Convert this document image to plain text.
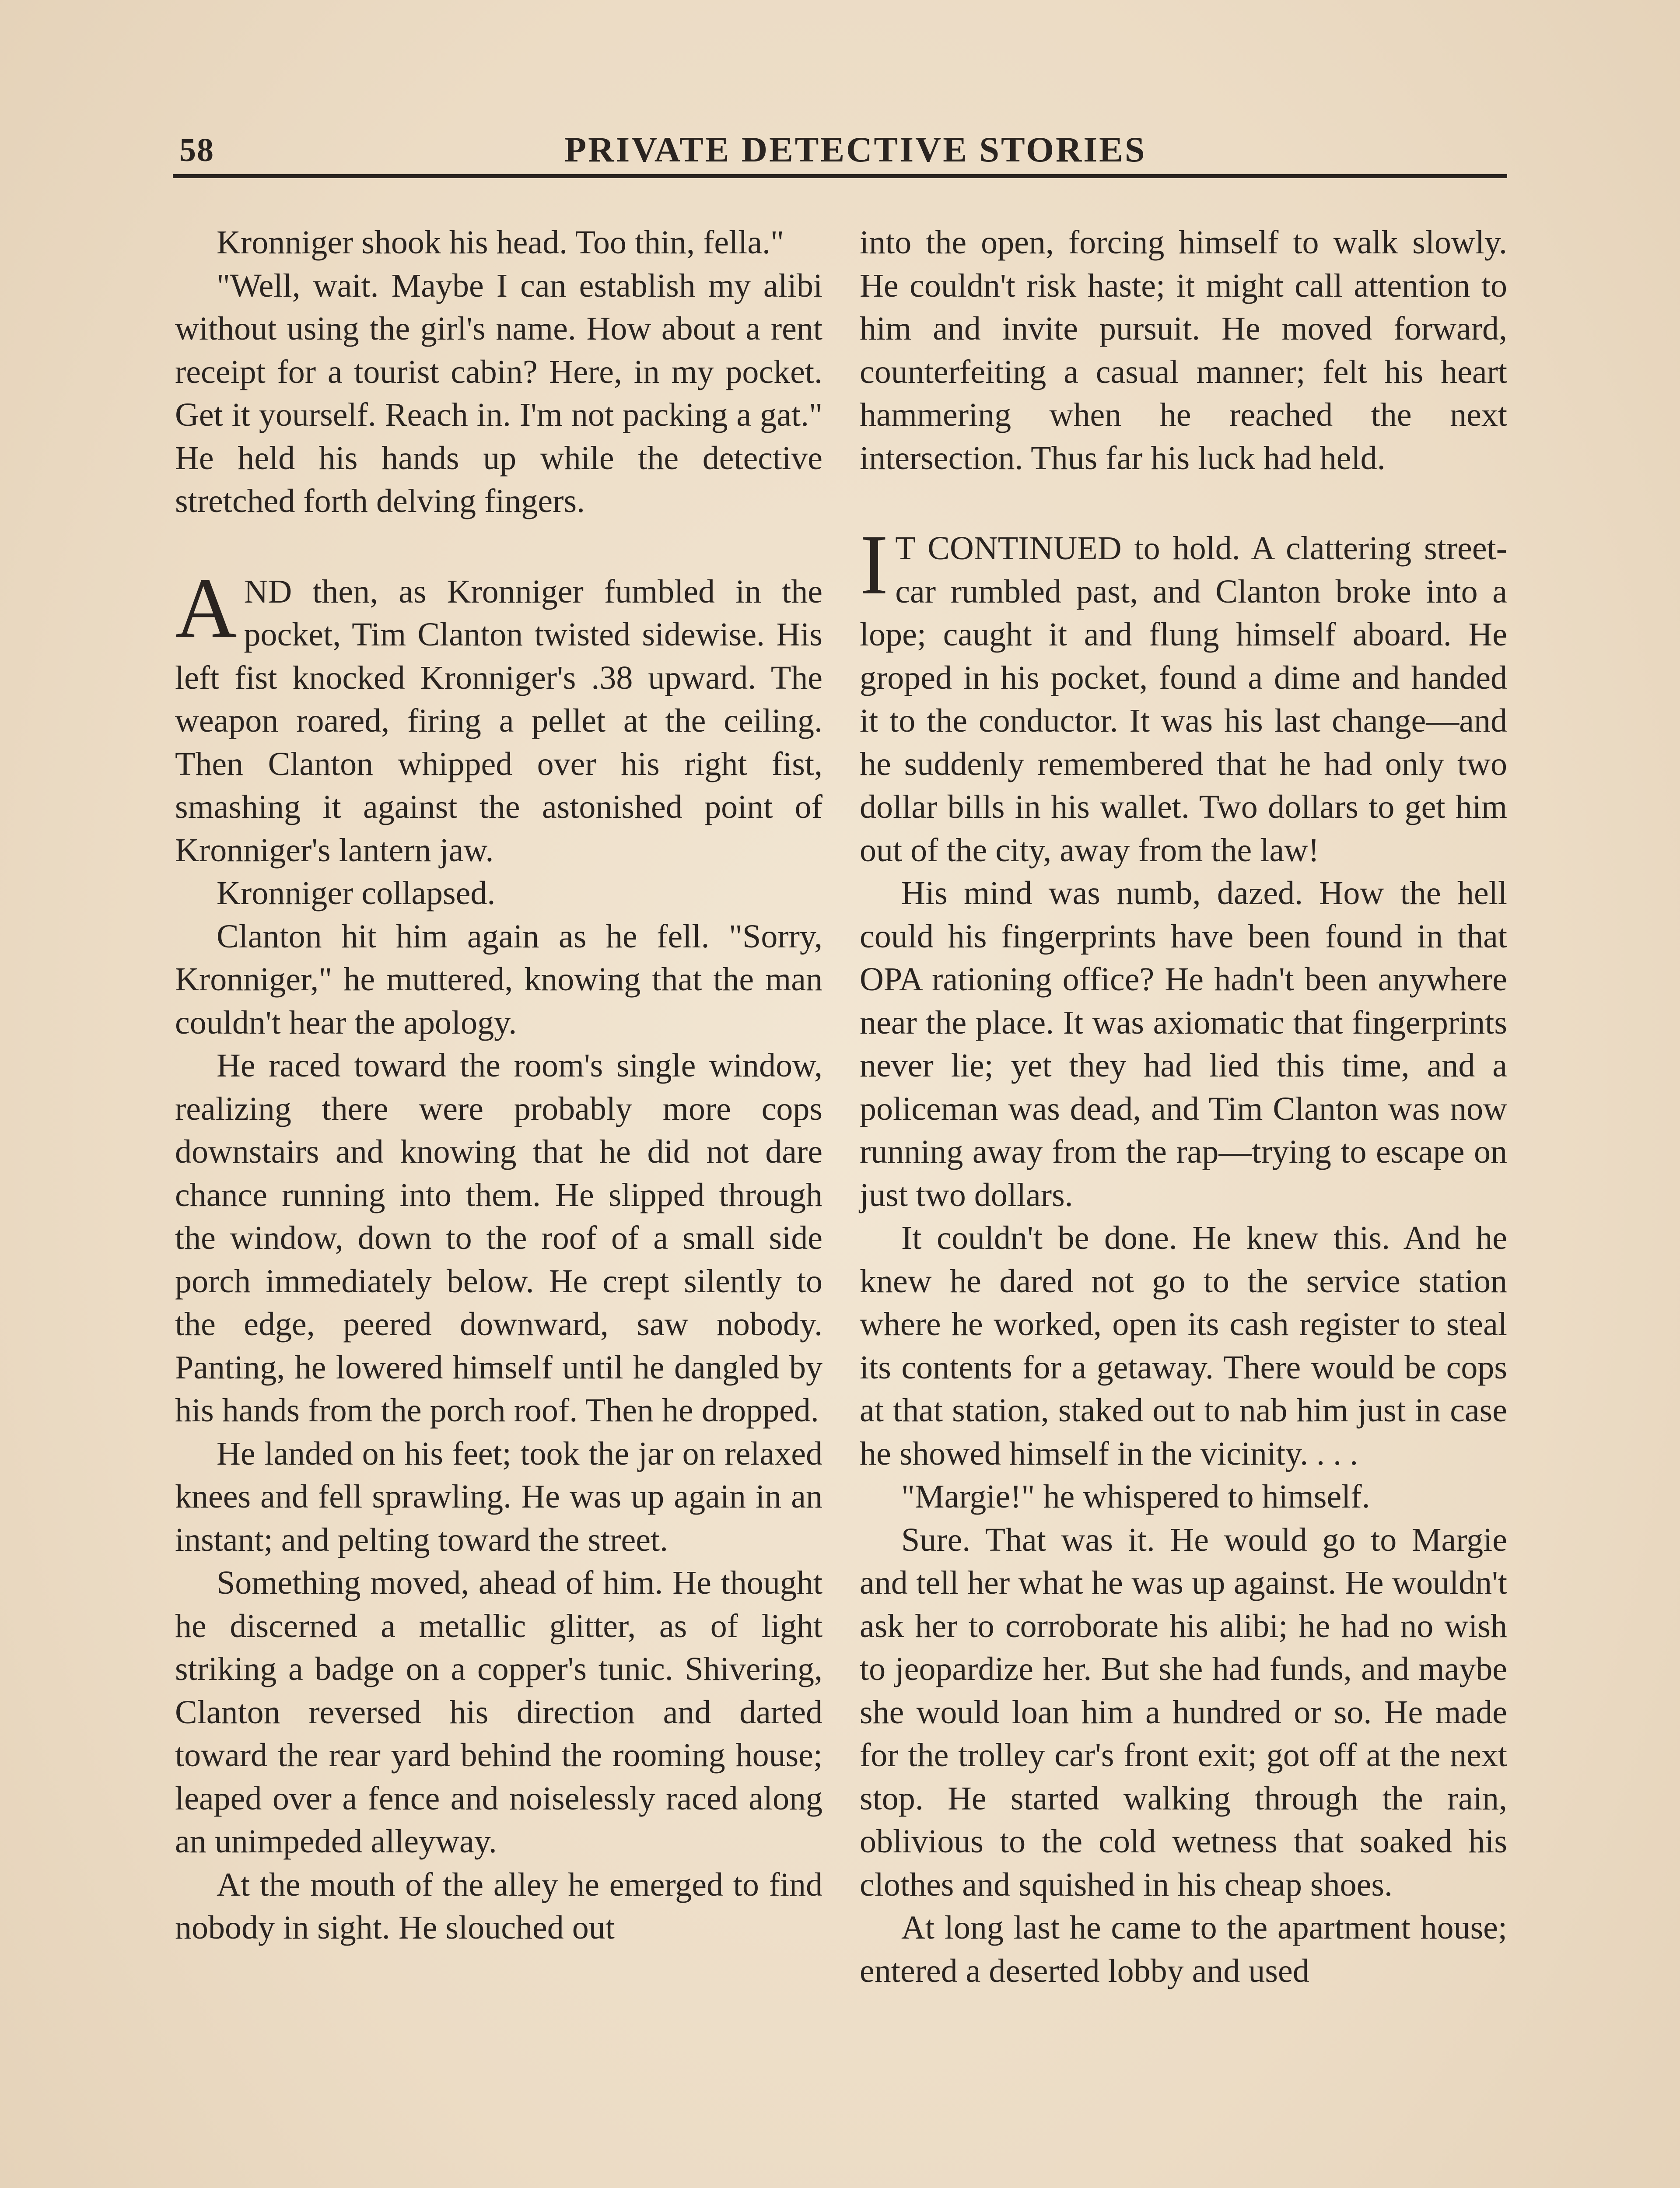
58	PRIVATE DETECTIVE STORIES

Kronniger shook his head. Too thin, fella."

"Well, wait. Maybe I can establish my alibi without using the girl's name. How about a rent receipt for a tourist cabin? Here, in my pocket. Get it yourself. Reach in. I'm not packing a gat." He held his hands up while the detective stretched forth delving fingers.

AND then, as Kronniger fumbled in the pocket, Tim Clanton twisted sidewise. His left fist knocked Kronniger's .38 upward. The weapon roared, firing a pellet at the ceiling. Then Clanton whipped over his right fist, smashing it against the astonished point of Kronniger's lantern jaw.

Kronniger collapsed.

Clanton hit him again as he fell. "Sorry, Kronniger," he muttered, knowing that the man couldn't hear the apology.

He raced toward the room's single window, realizing there were probably more cops downstairs and knowing that he did not dare chance running into them. He slipped through the window, down to the roof of a small side porch immediately below. He crept silently to the edge, peered downward, saw nobody. Panting, he lowered himself until he dangled by his hands from the porch roof. Then he dropped.

He landed on his feet; took the jar on relaxed knees and fell sprawling. He was up again in an instant; and pelting toward the street.

Something moved, ahead of him. He thought he discerned a metallic glitter, as of light striking a badge on a copper's tunic. Shivering, Clanton reversed his direction and darted toward the rear yard behind the rooming house; leaped over a fence and noiselessly raced along an unimpeded alleyway.

At the mouth of the alley he emerged to find nobody in sight. He slouched out

into the open, forcing himself to walk slowly. He couldn't risk haste; it might call attention to him and invite pursuit. He moved forward, counterfeiting a casual manner; felt his heart hammering when he reached the next intersection. Thus far his luck had held.

I T CONTINUED to hold. A clattering street-car rumbled past, and Clanton broke into a lope; caught it and flung himself aboard. He groped in his pocket, found a dime and handed it to the conductor. It was his last change—and he suddenly remembered that he had only two dollar bills in his wallet. Two dollars to get him out of the city, away from the law!

His mind was numb, dazed. How the hell could his fingerprints have been found in that OPA rationing office? He hadn't been anywhere near the place. It was axiomatic that fingerprints never lie; yet they had lied this time, and a policeman was dead, and Tim Clanton was now running away from the rap—trying to escape on just two dollars.

It couldn't be done. He knew this. And he knew he dared not go to the service station where he worked, open its cash register to steal its contents for a getaway. There would be cops at that station, staked out to nab him just in case he showed himself in the vicinity. . . .

"Margie!" he whispered to himself.

Sure. That was it. He would go to Margie and tell her what he was up against. He wouldn't ask her to corroborate his alibi; he had no wish to jeopardize her. But she had funds, and maybe she would loan him a hundred or so. He made for the trolley car's front exit; got off at the next stop. He started walking through the rain, oblivious to the cold wetness that soaked his clothes and squished in his cheap shoes.

At long last he came to the apartment house; entered a deserted lobby and used
